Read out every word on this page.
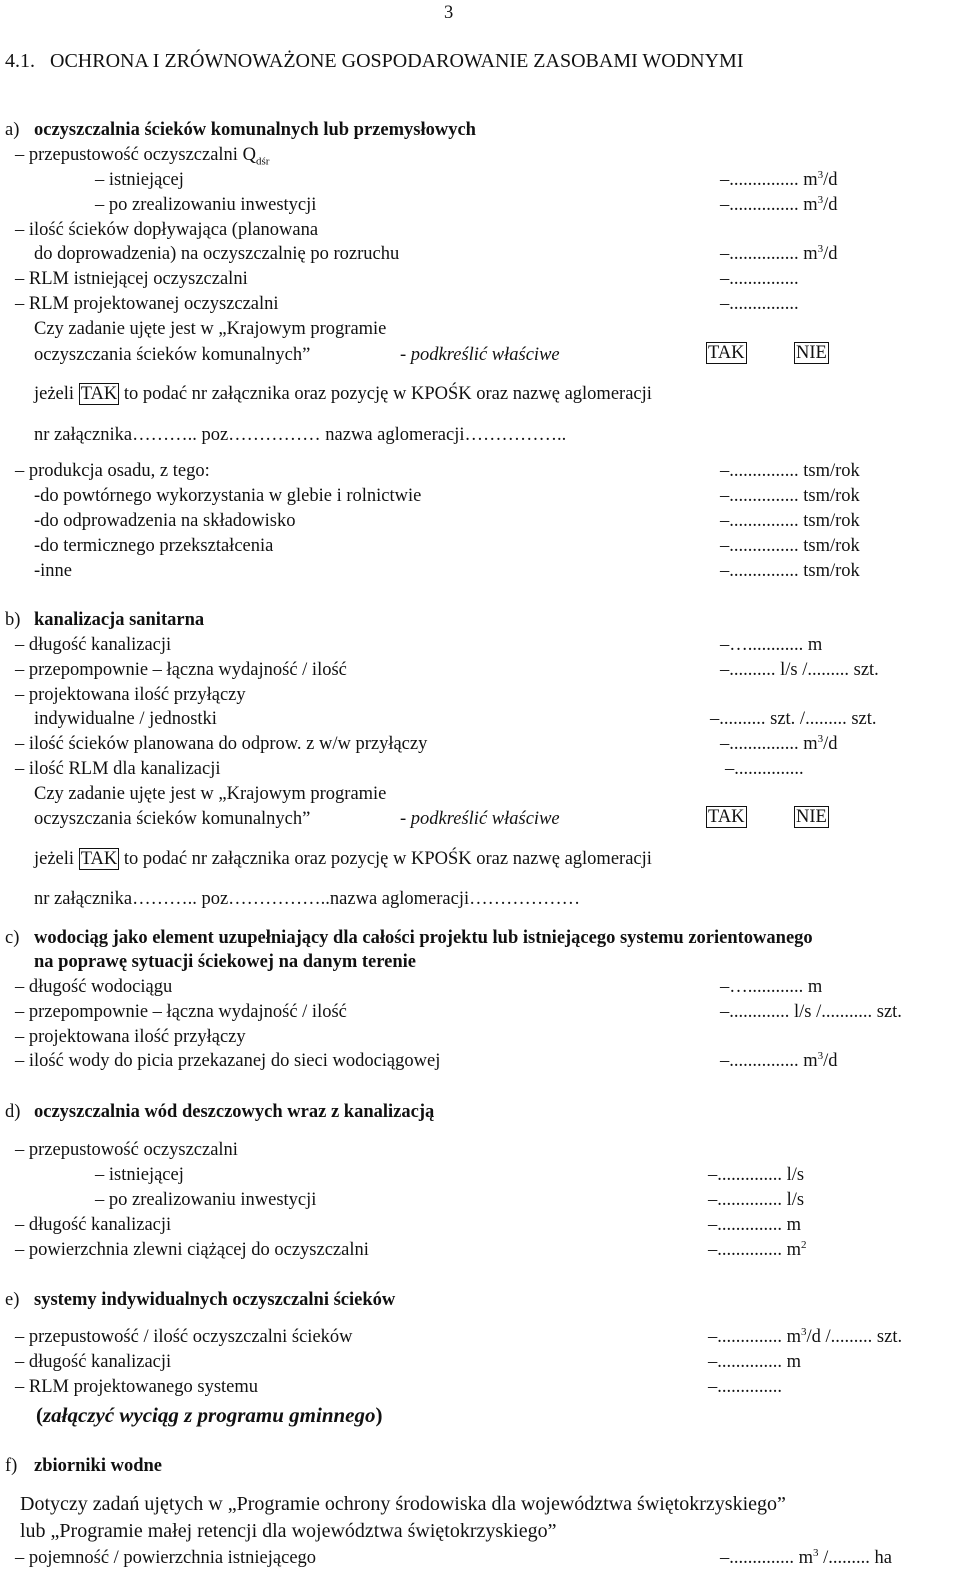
3
4.1.   OCHRONA I ZRÓWNOWAŻONE GOSPODAROWANIE ZASOBAMI WODNYMI
a) oczyszczalnia ścieków komunalnych lub przemysłowych
– przepustowość oczyszczalni $Q_{dśr}$
– istniejącej	–............... $m^3/d$
– po zrealizowaniu inwestycji	–............... $m^3/d$
– ilość ścieków dopływająca (planowana
do doprowadzenia) na oczyszczalnię po rozruchu	–............... $m^3/d$
– RLM istniejącej oczyszczalni	–...............
– RLM projektowanej oczyszczalni	–...............
Czy zadanie ujęte jest w „Krajowym programie
oczyszczania ścieków komunalnych”	- podkreślić właściwe	TAK	NIE
jeżeli TAK to podać nr załącznika oraz pozycję w KPOŚK oraz nazwę aglomeracji
nr załącznika……….. poz…………… nazwa aglomeracji……………..
– produkcja osadu, z tego:	–............... tsm/rok
-do powtórnego wykorzystania w glebie i rolnictwie	–............... tsm/rok
-do odprowadzenia na składowisko	–............... tsm/rok
-do termicznego przekształcenia	–............... tsm/rok
-inne	–............... tsm/rok
b) kanalizacja sanitarna
– długość kanalizacji	–…............ m
– przepompownie – łączna wydajność / ilość	–.......... l/s /......... szt.
– projektowana ilość przyłączy
indywidualne / jednostki	–.......... szt. /......... szt.
– ilość ścieków planowana do odprow. z w/w przyłączy	–............... $m^3/d$
– ilość RLM dla kanalizacji	–...............
Czy zadanie ujęte jest w „Krajowym programie
oczyszczania ścieków komunalnych”	- podkreślić właściwe	TAK	NIE
jeżeli TAK to podać nr załącznika oraz pozycję w KPOŚK oraz nazwę aglomeracji
nr załącznika……….. poz……………..nazwa aglomeracji………………
c) wodociąg jako element uzupełniający dla całości projektu lub istniejącego systemu zorientowanego
na poprawę sytuacji ściekowej na danym terenie
– długość wodociągu	–…............ m
– przepompownie – łączna wydajność / ilość	–............. l/s /........... szt.
– projektowana ilość przyłączy
– ilość wody do picia przekazanej do sieci wodociągowej	–............... $m^3/d$
d) oczyszczalnia wód deszczowych wraz z kanalizacją
– przepustowość oczyszczalni
– istniejącej	–.............. l/s
– po zrealizowaniu inwestycji	–.............. l/s
– długość kanalizacji	–.............. m
– powierzchnia zlewni ciążącej do oczyszczalni	–.............. $m^2$
e) systemy indywidualnych oczyszczalni ścieków
– przepustowość / ilość oczyszczalni ścieków	–.............. $m^3/d$ /......... szt.
– długość kanalizacji	–.............. m
– RLM projektowanego systemu	–..............
(załączyć wyciąg z programu gminnego)
f) zbiorniki wodne
Dotyczy zadań ujętych w „Programie ochrony środowiska dla województwa świętokrzyskiego”
lub „Programie małej retencji dla województwa świętokrzyskiego”
– pojemność / powierzchnia istniejącego	–.............. $m^3$ /......... ha
